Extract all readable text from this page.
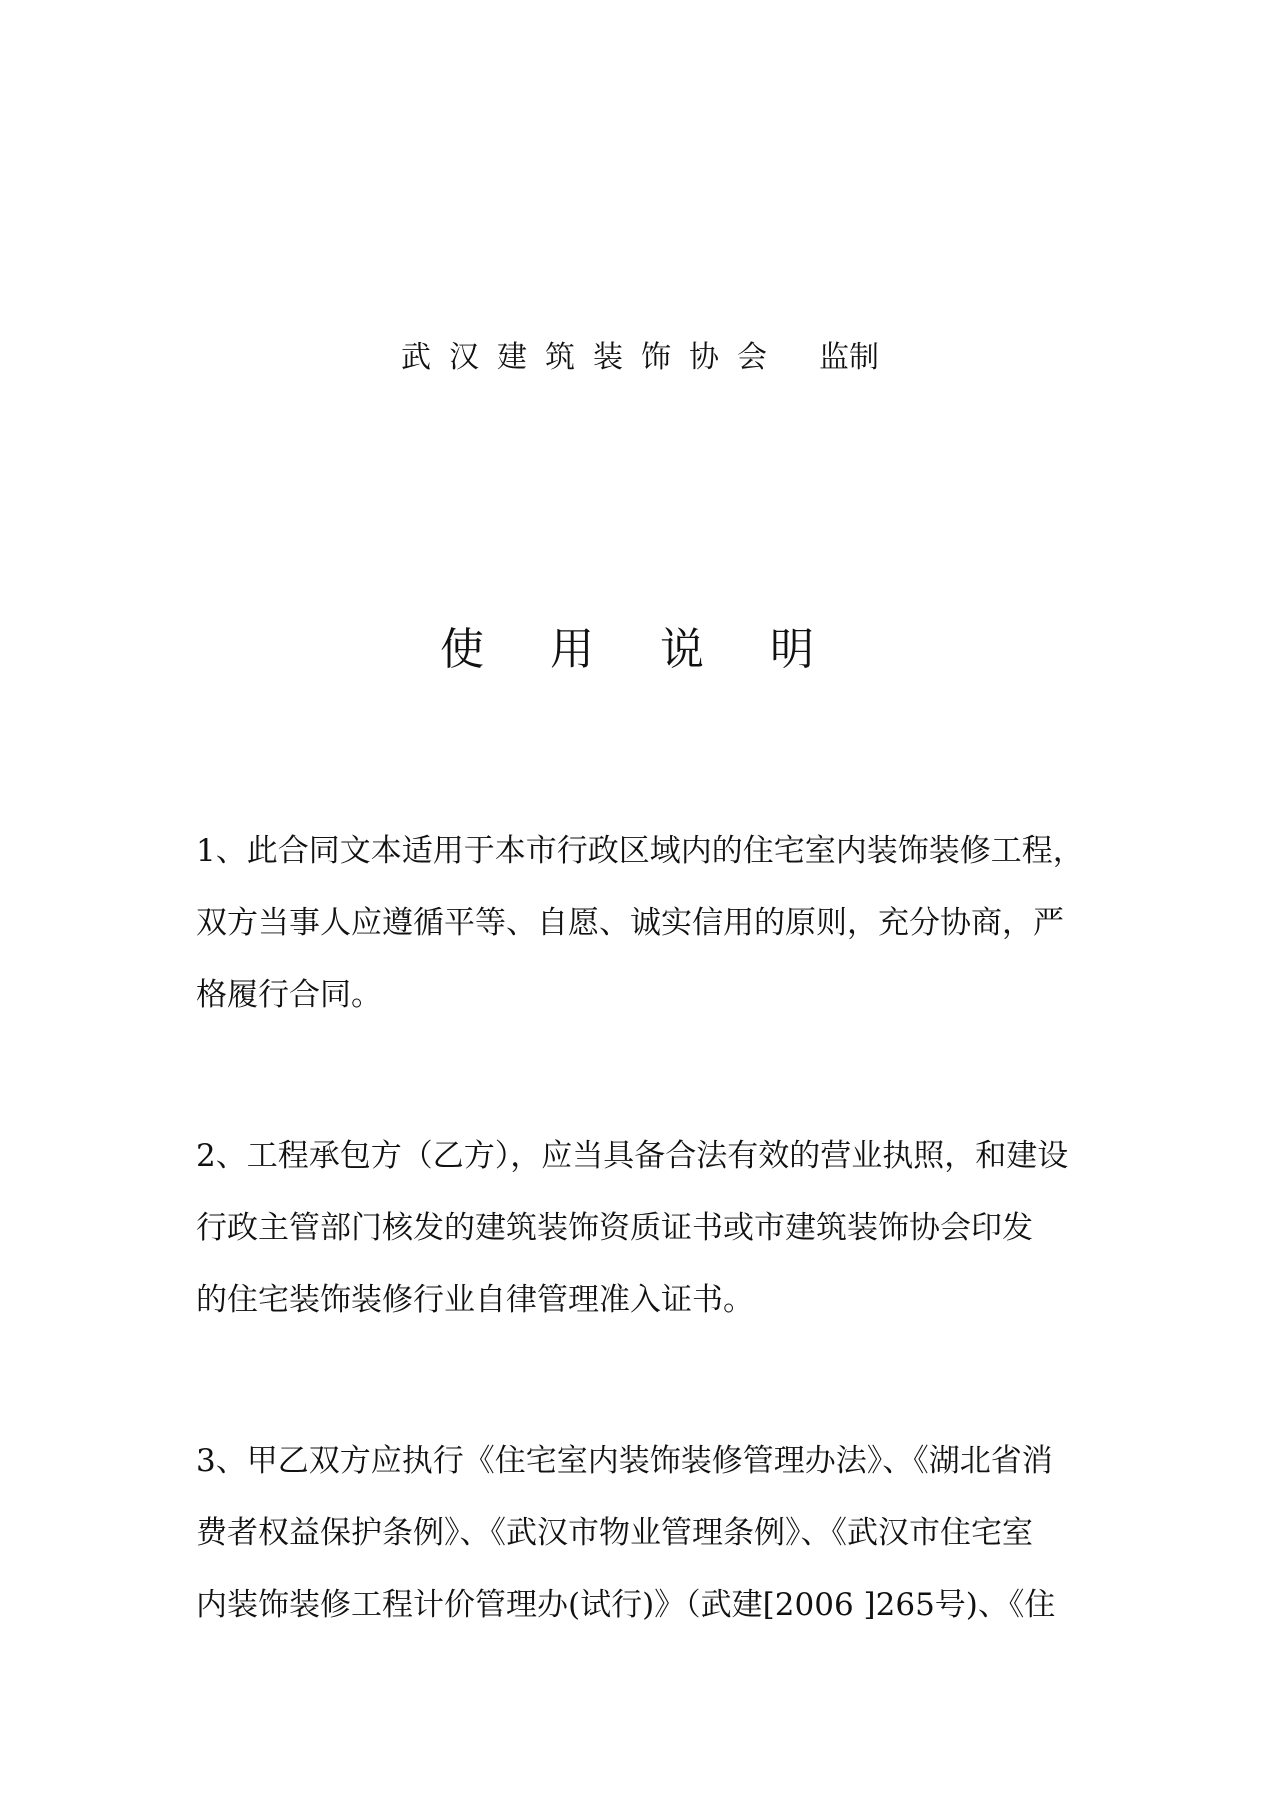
武汉建筑装饰协会 监制
使 用 说 明
1、此合同文本适用于本市行政区域内的住宅室内装饰装修工程，
双方当事人应遵循平等、自愿、诚实信用的原则，充分协商，严
格履行合同。
2、工程承包方（乙方），应当具备合法有效的营业执照，和建设
行政主管部门核发的建筑装饰资质证书或市建筑装饰协会印发
的住宅装饰装修行业自律管理准入证书。
3、甲乙双方应执行《住宅室内装饰装修管理办法》、《湖北省消
费者权益保护条例》、《武汉市物业管理条例》、《武汉市住宅室
内装饰装修工程计价管理办(试行)》（武建[2006 ]265号)、《住
